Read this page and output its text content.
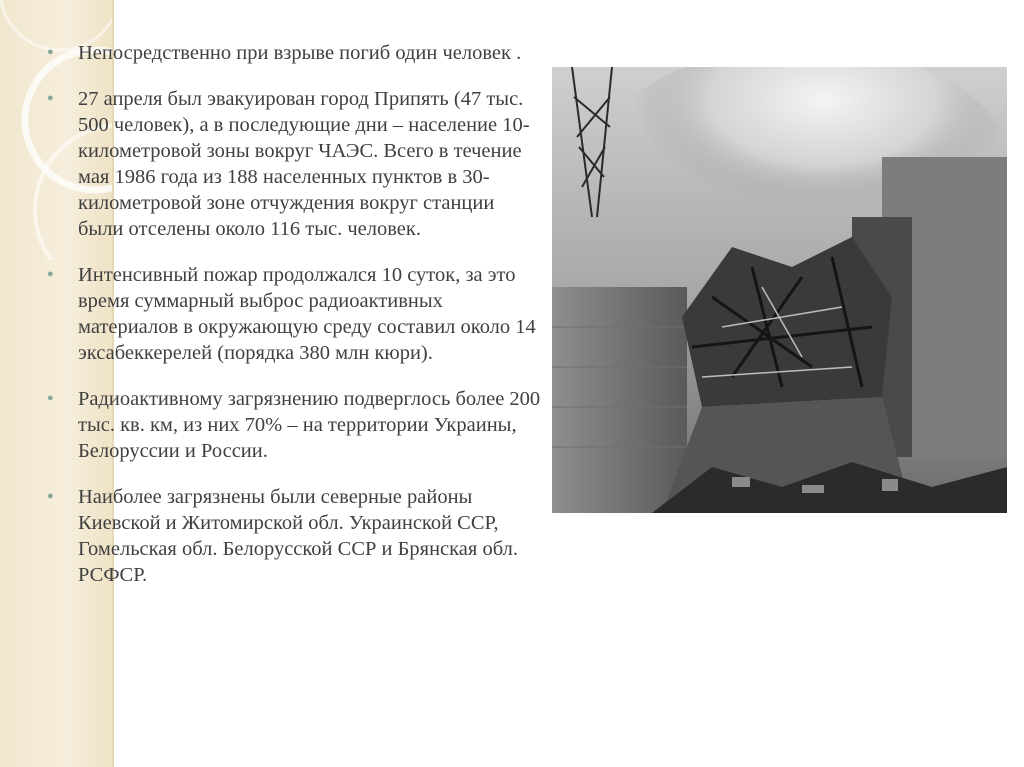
● Непосредственно при взрыве погиб один человек .
● 27 апреля был эвакуирован город Припять (47 тыс. 500 человек), а в последующие дни – население 10-километровой зоны вокруг ЧАЭС. Всего в течение мая 1986 года из 188 населенных пунктов в 30-километровой зоне отчуждения вокруг станции были отселены около 116 тыс. человек.
● Интенсивный пожар продолжался 10 суток, за это время суммарный выброс радиоактивных материалов в окружающую среду составил около 14 эксабеккерелей (порядка 380 млн кюри).
● Радиоактивному загрязнению подверглось более 200 тыс. кв. км, из них 70% – на территории Украины, Белоруссии и России.
● Наиболее загрязнены были северные районы Киевской и Житомирской обл. Украинской ССР, Гомельская обл. Белорусской ССР и Брянская обл. РСФСР.
